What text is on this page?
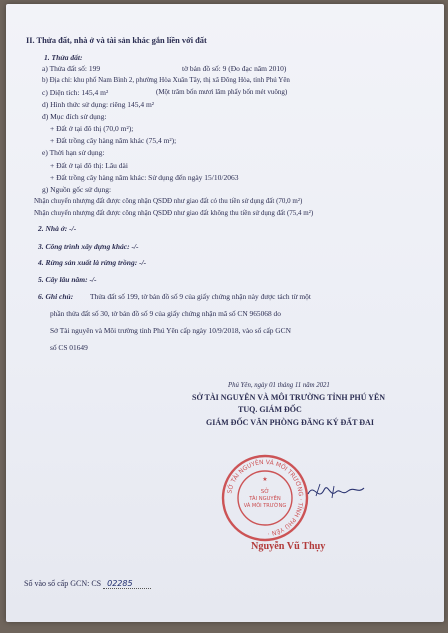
II. Thửa đất, nhà ở và tài sản khác gắn liền với đất
1. Thửa đất:
a) Thửa đất số: 199	tờ bản đồ số: 9 (Đo đạc năm 2010)
b) Địa chỉ: khu phố Nam Bình 2, phường Hòa Xuân Tây, thị xã Đông Hòa, tỉnh Phú Yên
c) Diện tích: 145,4 m²	(Một trăm bốn mươi lăm phẩy bốn mét vuông)
d) Hình thức sử dụng: riêng 145,4 m²
đ) Mục đích sử dụng:
+ Đất ở tại đô thị (70,0 m²);
+ Đất trồng cây hàng năm khác (75,4 m²);
e) Thời hạn sử dụng:
+ Đất ở tại đô thị: Lâu dài
+ Đất trồng cây hàng năm khác: Sử dụng đến ngày 15/10/2063
g) Nguồn gốc sử dụng:
Nhận chuyển nhượng đất được công nhận QSDĐ như giao đất có thu tiền sử dụng đất (70,0 m²)
Nhận chuyển nhượng đất được công nhận QSDĐ như giao đất không thu tiền sử dụng đất (75,4 m²)
2. Nhà ở: -/-
3. Công trình xây dựng khác: -/-
4. Rừng sản xuất là rừng trồng: -/-
5. Cây lâu năm: -/-
6. Ghi chú: Thửa đất số 199, tờ bản đồ số 9 của giấy chứng nhận này được tách từ một
phần thửa đất số 30, tờ bản đồ số 9 của giấy chứng nhận mã số CN 965068 do
Sở Tài nguyên và Môi trường tỉnh Phú Yên cấp ngày 10/9/2018, vào sổ cấp GCN
số CS 01649
Phú Yên, ngày 01 tháng 11 năm 2021
SỞ TÀI NGUYÊN VÀ MÔI TRƯỜNG TỈNH PHÚ YÊN
TUQ. GIÁM ĐỐC
GIÁM ĐỐC VĂN PHÒNG ĐĂNG KÝ ĐẤT ĐAI
SỞ TÀI NGUYÊN VÀ MÔI TRƯỜNG · TỈNH PHÚ YÊN ·
SỞ
TÀI NGUYÊN
VÀ MÔI TRƯỜNG
★
Nguyễn Vũ Thụy
Số vào sổ cấp GCN: CS 02285
